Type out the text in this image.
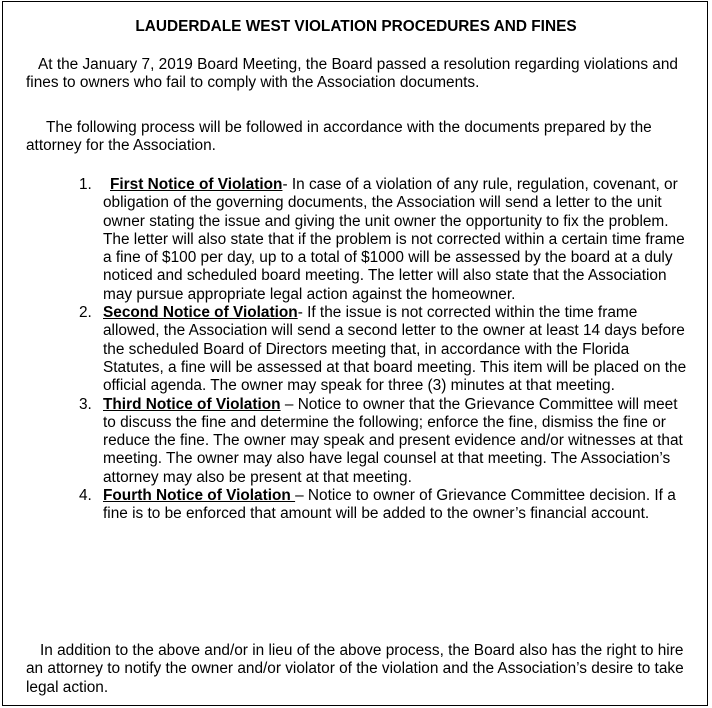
LAUDERDALE WEST VIOLATION PROCEDURES AND FINES

At the January 7, 2019 Board Meeting, the Board passed a resolution regarding violations and fines to owners who fail to comply with the Association documents.

The following process will be followed in accordance with the documents prepared by the attorney for the Association.

1. First Notice of Violation- In case of a violation of any rule, regulation, covenant, or obligation of the governing documents, the Association will send a letter to the unit owner stating the issue and giving the unit owner the opportunity to fix the problem. The letter will also state that if the problem is not corrected within a certain time frame a fine of $100 per day, up to a total of $1000 will be assessed by the board at a duly noticed and scheduled board meeting. The letter will also state that the Association may pursue appropriate legal action against the homeowner.
2. Second Notice of Violation- If the issue is not corrected within the time frame allowed, the Association will send a second letter to the owner at least 14 days before the scheduled Board of Directors meeting that, in accordance with the Florida Statutes, a fine will be assessed at that board meeting. This item will be placed on the official agenda. The owner may speak for three (3) minutes at that meeting.
3. Third Notice of Violation – Notice to owner that the Grievance Committee will meet to discuss the fine and determine the following; enforce the fine, dismiss the fine or reduce the fine. The owner may speak and present evidence and/or witnesses at that meeting. The owner may also have legal counsel at that meeting. The Association’s attorney may also be present at that meeting.
4. Fourth Notice of Violation – Notice to owner of Grievance Committee decision. If a fine is to be enforced that amount will be added to the owner’s financial account.

In addition to the above and/or in lieu of the above process, the Board also has the right to hire an attorney to notify the owner and/or violator of the violation and the Association’s desire to take legal action.
